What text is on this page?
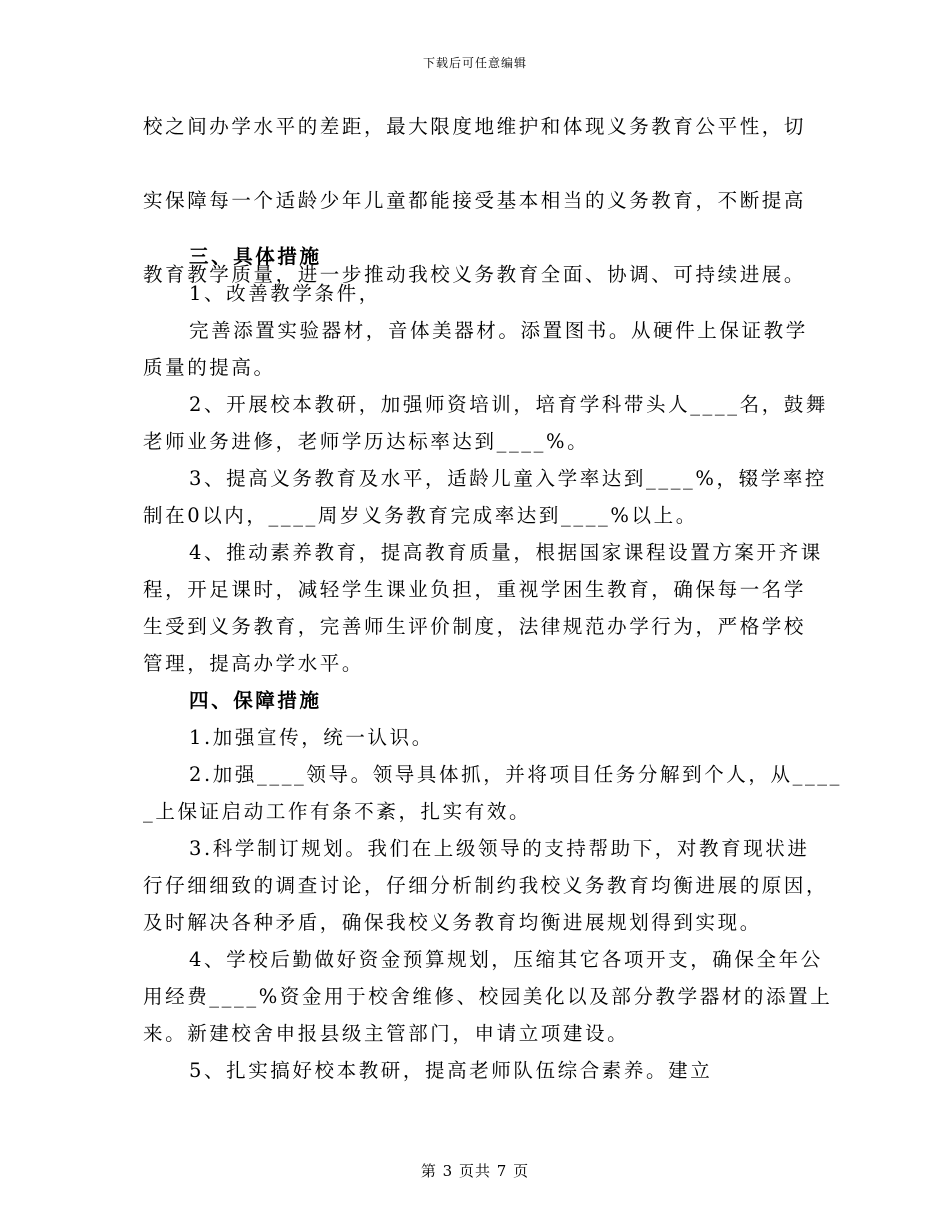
下载后可任意编辑
校之间办学水平的差距，最大限度地维护和体现义务教育公平性，切
实保障每一个适龄少年儿童都能接受基本相当的义务教育，不断提高
教育教学质量，进一步推动我校义务教育全面、协调、可持续进展。
三、具体措施
1、改善教学条件，
完善添置实验器材，音体美器材。添置图书。从硬件上保证教学
质量的提高。
2、开展校本教研，加强师资培训，培育学科带头人____名，鼓舞
老师业务进修，老师学历达标率达到____%。
3、提高义务教育及水平，适龄儿童入学率达到____%，辍学率控
制在0以内，____周岁义务教育完成率达到____%以上。
4、推动素养教育，提高教育质量，根据国家课程设置方案开齐课
程，开足课时，减轻学生课业负担，重视学困生教育，确保每一名学
生受到义务教育，完善师生评价制度，法律规范办学行为，严格学校
管理，提高办学水平。
四、保障措施
1.加强宣传，统一认识。
2.加强____领导。领导具体抓，并将项目任务分解到个人，从____
_上保证启动工作有条不紊，扎实有效。
3.科学制订规划。我们在上级领导的支持帮助下，对教育现状进
行仔细细致的调查讨论，仔细分析制约我校义务教育均衡进展的原因，
及时解决各种矛盾，确保我校义务教育均衡进展规划得到实现。
4、学校后勤做好资金预算规划，压缩其它各项开支，确保全年公
用经费____%资金用于校舍维修、校园美化以及部分教学器材的添置上
来。新建校舍申报县级主管部门，申请立项建设。
5、扎实搞好校本教研，提高老师队伍综合素养。建立
第 3 页共 7 页
